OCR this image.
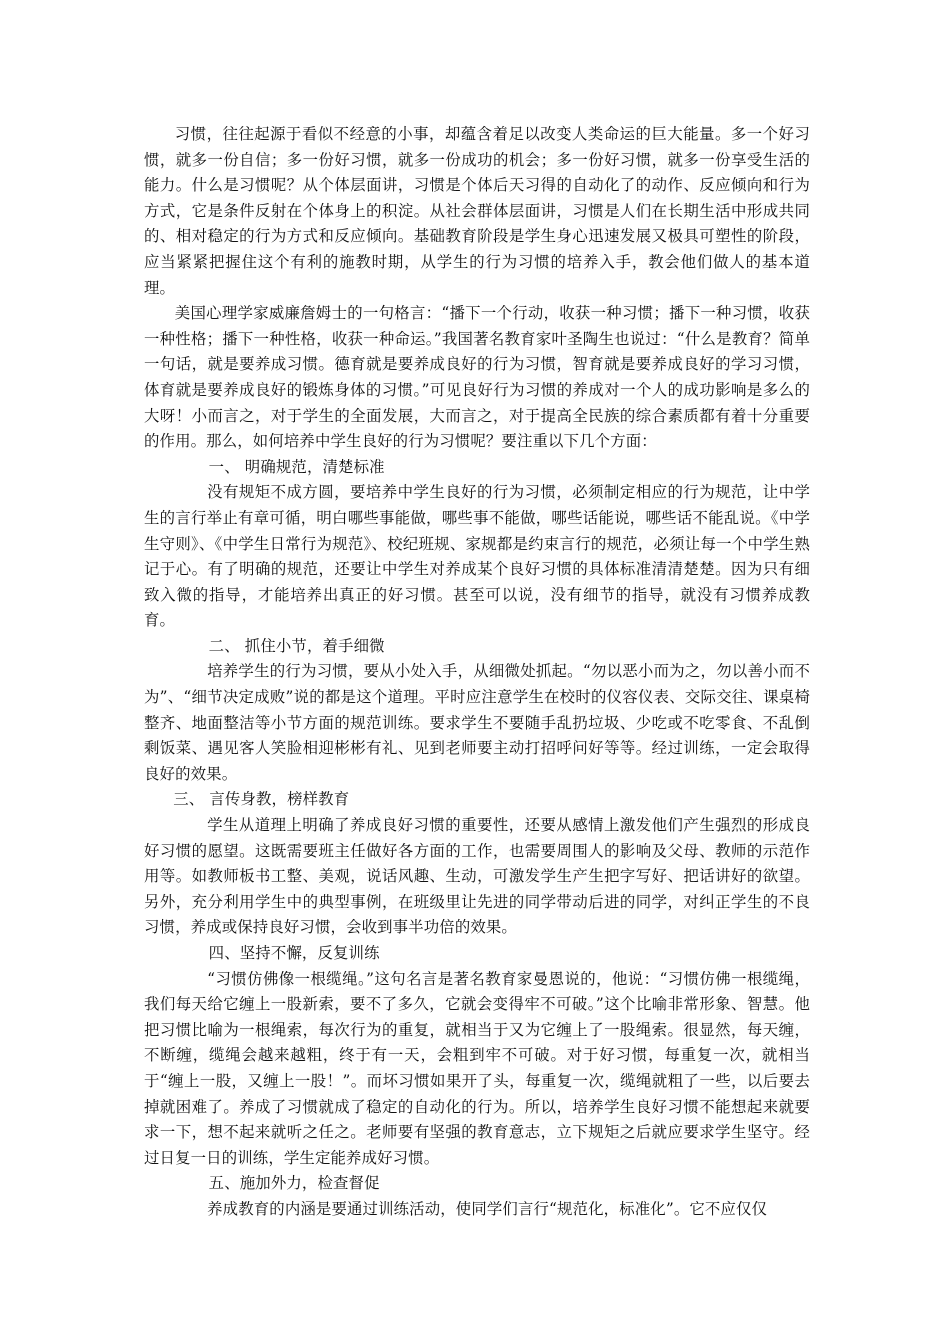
习惯，往往起源于看似不经意的小事，却蕴含着足以改变人类命运的巨大能量。多一个好习惯，就多一份自信；多一份好习惯，就多一份成功的机会；多一份好习惯，就多一份享受生活的能力。什么是习惯呢？从个体层面讲，习惯是个体后天习得的自动化了的动作、反应倾向和行为方式，它是条件反射在个体身上的积淀。从社会群体层面讲，习惯是人们在长期生活中形成共同的、相对稳定的行为方式和反应倾向。基础教育阶段是学生身心迅速发展又极具可塑性的阶段，应当紧紧把握住这个有利的施教时期，从学生的行为习惯的培养入手，教会他们做人的基本道理。

美国心理学家威廉詹姆士的一句格言：“播下一个行动，收获一种习惯；播下一种习惯，收获一种性格；播下一种性格，收获一种命运。”我国著名教育家叶圣陶生也说过：“什么是教育？简单一句话，就是要养成习惯。德育就是要养成良好的行为习惯，智育就是要养成良好的学习习惯，体育就是要养成良好的锻炼身体的习惯。”可见良好行为习惯的养成对一个人的成功影响是多么的大呀！小而言之，对于学生的全面发展，大而言之，对于提高全民族的综合素质都有着十分重要的作用。那么，如何培养中学生良好的行为习惯呢？要注重以下几个方面：

一、 明确规范，清楚标准

没有规矩不成方圆，要培养中学生良好的行为习惯，必须制定相应的行为规范，让中学生的言行举止有章可循，明白哪些事能做，哪些事不能做，哪些话能说，哪些话不能乱说。《中学生守则》、《中学生日常行为规范》、校纪班规、家规都是约束言行的规范，必须让每一个中学生熟记于心。有了明确的规范，还要让中学生对养成某个良好习惯的具体标准清清楚楚。因为只有细致入微的指导，才能培养出真正的好习惯。甚至可以说，没有细节的指导，就没有习惯养成教育。

二、 抓住小节，着手细微

培养学生的行为习惯，要从小处入手，从细微处抓起。“勿以恶小而为之，勿以善小而不为”、“细节决定成败”说的都是这个道理。平时应注意学生在校时的仪容仪表、交际交往、课桌椅整齐、地面整洁等小节方面的规范训练。要求学生不要随手乱扔垃圾、少吃或不吃零食、不乱倒剩饭菜、遇见客人笑脸相迎彬彬有礼、见到老师要主动打招呼问好等等。经过训练，一定会取得良好的效果。

三、 言传身教，榜样教育

学生从道理上明确了养成良好习惯的重要性，还要从感情上激发他们产生强烈的形成良好习惯的愿望。这既需要班主任做好各方面的工作，也需要周围人的影响及父母、教师的示范作用等。如教师板书工整、美观，说话风趣、生动，可激发学生产生把字写好、把话讲好的欲望。另外，充分利用学生中的典型事例，在班级里让先进的同学带动后进的同学，对纠正学生的不良习惯，养成或保持良好习惯，会收到事半功倍的效果。

四、坚持不懈，反复训练

“习惯仿佛像一根缆绳。”这句名言是著名教育家曼恩说的，他说：“习惯仿佛一根缆绳，我们每天给它缠上一股新索，要不了多久，它就会变得牢不可破。”这个比喻非常形象、智慧。他把习惯比喻为一根绳索，每次行为的重复，就相当于又为它缠上了一股绳索。很显然，每天缠，不断缠，缆绳会越来越粗，终于有一天，会粗到牢不可破。对于好习惯，每重复一次，就相当于“缠上一股，又缠上一股！”。而坏习惯如果开了头，每重复一次，缆绳就粗了一些，以后要去掉就困难了。养成了习惯就成了稳定的自动化的行为。所以，培养学生良好习惯不能想起来就要求一下，想不起来就听之任之。老师要有坚强的教育意志，立下规矩之后就应要求学生坚守。经过日复一日的训练，学生定能养成好习惯。

五、施加外力，检查督促

养成教育的内涵是要通过训练活动，使同学们言行“规范化，标准化”。它不应仅仅
